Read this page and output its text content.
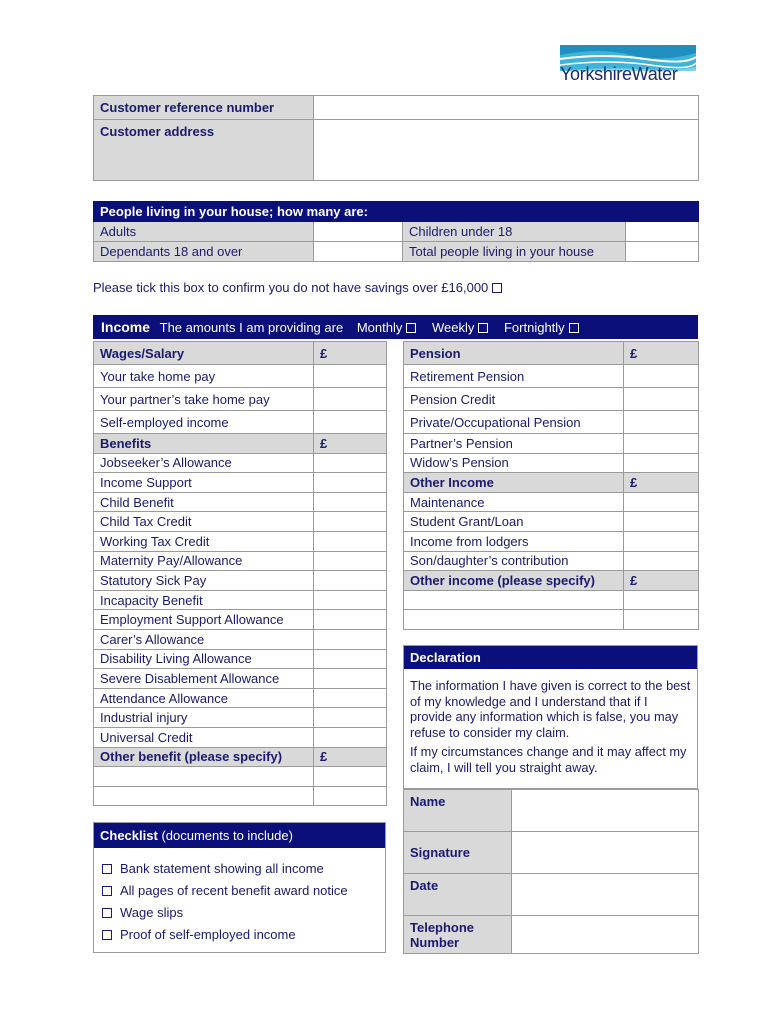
YorkshireWater
Customer reference number	
Customer address	
People living in your house; how many are:			
Adults		Children under 18	
Dependants 18 and over		Total people living in your house	
Please tick this box to confirm you do not have savings over £16,000
Income The amounts I am providing are Monthly Weekly Fortnightly
Wages/Salary	£
Your take home pay	
Your partner’s take home pay	
Self-employed income	
Benefits	£
Jobseeker’s Allowance	
Income Support	
Child Benefit	
Child Tax Credit	
Working Tax Credit	
Maternity Pay/Allowance	
Statutory Sick Pay	
Incapacity Benefit	
Employment Support Allowance	
Carer’s Allowance	
Disability Living Allowance	
Severe Disablement Allowance	
Attendance Allowance	
Industrial injury	
Universal Credit	
Other benefit (please specify)	£

Pension	£
Retirement Pension	
Pension Credit	
Private/Occupational Pension	
Partner’s Pension	
Widow’s Pension	
Other Income	£
Maintenance	
Student Grant/Loan	
Income from lodgers	
Son/daughter’s contribution	
Other income (please specify)	£

Declaration
The information I have given is correct to the best of my knowledge and I understand that if I provide any information which is false, you may refuse to consider my claim.
If my circumstances change and it may affect my claim, I will tell you straight away.
Name	
Signature	
Date	
Telephone Number	
Checklist (documents to include)
Bank statement showing all income
All pages of recent benefit award notice
Wage slips
Proof of self-employed income
